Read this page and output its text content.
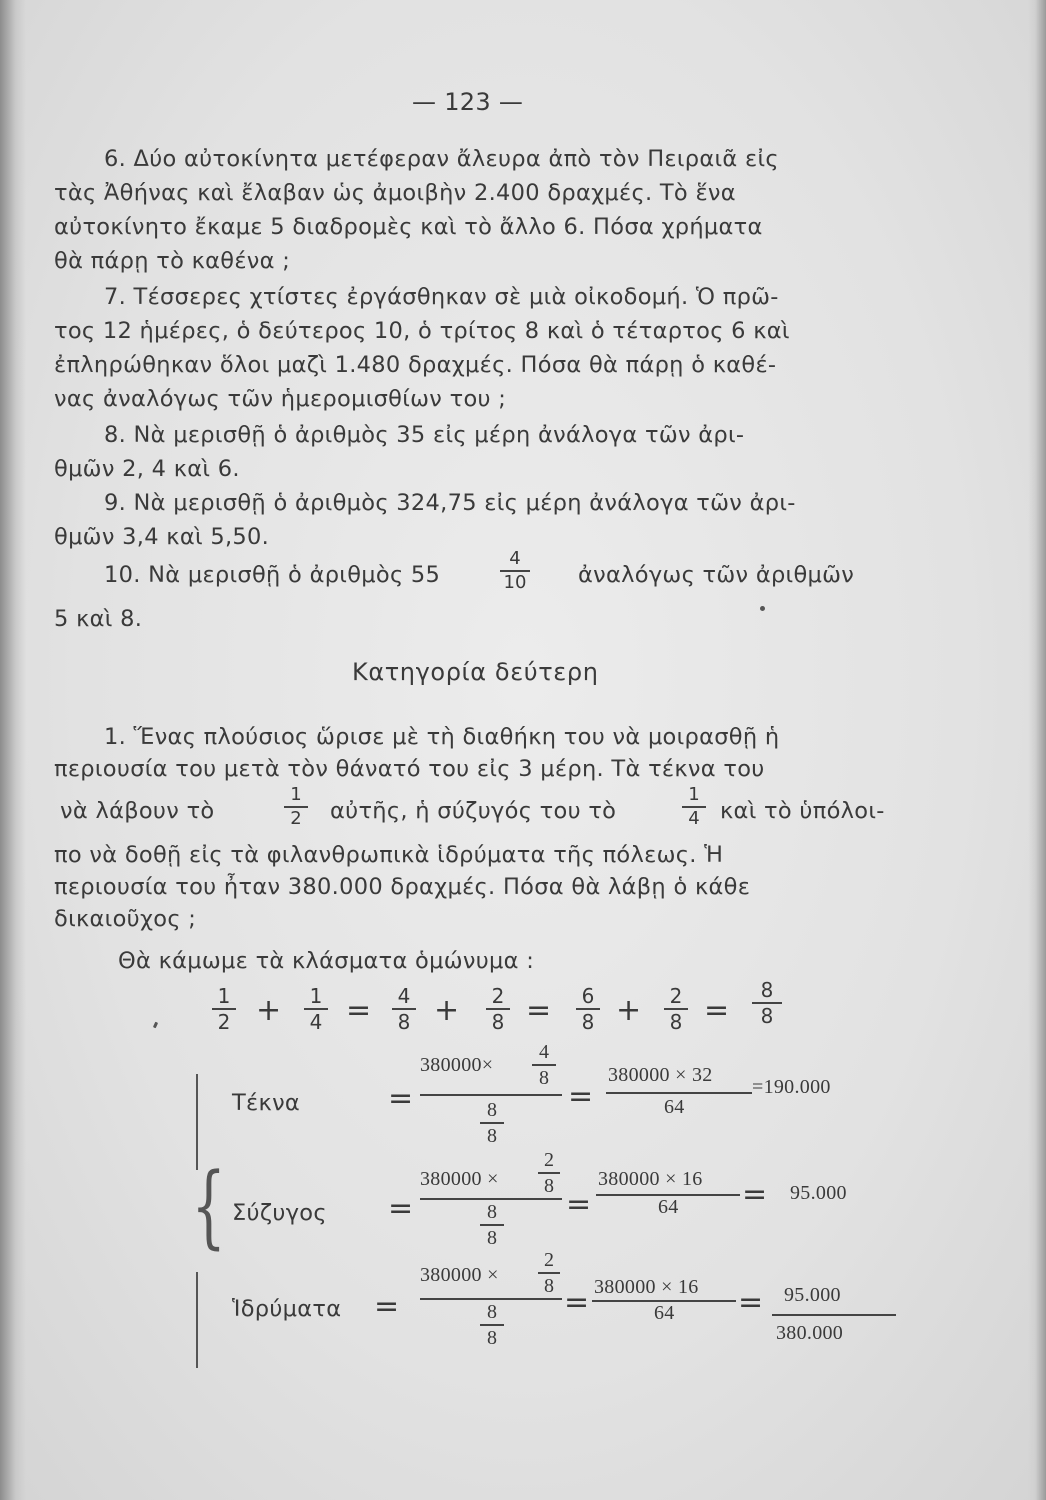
— 123 —
6. Δύο αὐτοκίνητα μετέφεραν ἄλευρα ἀπὸ τὸν Πειραιᾶ εἰς
τὰς Ἀθήνας καὶ ἔλαβαν ὡς ἀμοιβὴν 2.400 δραχμές. Τὸ ἕνα
αὐτοκίνητο ἔκαμε 5 διαδρομὲς καὶ τὸ ἄλλο 6. Πόσα χρήματα
θὰ πάρῃ τὸ καθένα ;
7. Τέσσερες χτίστες ἐργάσθηκαν σὲ μιὰ οἰκοδομή. Ὁ πρῶ-
τος 12 ἡμέρες, ὁ δεύτερος 10, ὁ τρίτος 8 καὶ ὁ τέταρτος 6 καὶ
ἐπληρώθηκαν ὅλοι μαζὶ 1.480 δραχμές. Πόσα θὰ πάρῃ ὁ καθέ-
νας ἀναλόγως τῶν ἡμερομισθίων του ;
8. Νὰ μερισθῇ ὁ ἀριθμὸς 35 εἰς μέρη ἀνάλογα τῶν ἀρι-
θμῶν 2, 4 καὶ 6.
9. Νὰ μερισθῇ ὁ ἀριθμὸς 324,75 εἰς μέρη ἀνάλογα τῶν ἀρι-
θμῶν 3,4 καὶ 5,50.
10. Νὰ μερισθῇ ὁ ἀριθμὸς 55
4
10 ἀναλόγως τῶν ἀριθμῶν
5 καὶ 8.
Κατηγορία δεύτερη
1. Ἕνας πλούσιος ὥρισε μὲ τὴ διαθήκη του νὰ μοιρασθῇ ἡ
περιουσία του μετὰ τὸν θάνατό του εἰς 3 μέρη. Τὰ τέκνα του
νὰ λάβουν τὸ
1
2 αὐτῆς, ἡ σύζυγός του τὸ
1
4 καὶ τὸ ὑπόλοι-
πο νὰ δοθῇ εἰς τὰ φιλανθρωπικὰ ἱδρύματα τῆς πόλεως. Ἡ
περιουσία του ἦταν 380.000 δραχμές. Πόσα θὰ λάβῃ ὁ κάθε
δικαιοῦχος ;
Θὰ κάμωμε τὰ κλάσματα ὁμώνυμα :
1
2 + 1
4 = 4
8 + 2
8 = 6
8 + 2
8 =
8
8
{
Τέκνα	=
380000×
4
8
8
8
=
380000 × 32
64
=190.000
Σύζυγος =
380000 ×
2
8
8
8
=
380000 × 16
64 = 95.000
Ἱδρύματα =
380000 ×
2
8
8
8
= 380000 × 16
64 = 95.000
380.000
